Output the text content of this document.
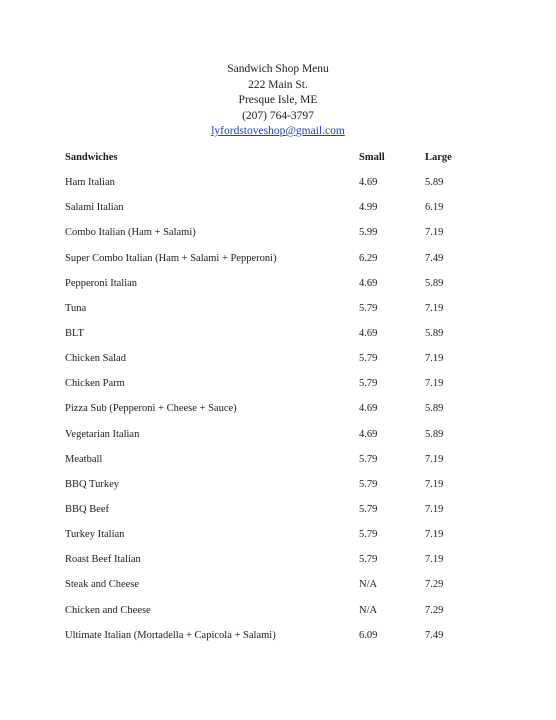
Sandwich Shop Menu
222 Main St.
Presque Isle, ME
(207) 764-3797
lyfordstoveshop@gmail.com
Sandwiches	Small	Large
Ham Italian	4.69	5.89
Salami Italian	4.99	6.19
Combo Italian (Ham + Salami)	5.99	7.19
Super Combo Italian (Ham + Salami + Pepperoni)	6.29	7.49
Pepperoni Italian	4.69	5.89
Tuna	5.79	7.19
BLT	4.69	5.89
Chicken Salad	5.79	7.19
Chicken Parm	5.79	7.19
Pizza Sub (Pepperoni + Cheese + Sauce)	4.69	5.89
Vegetarian Italian	4.69	5.89
Meatball	5.79	7.19
BBQ Turkey	5.79	7.19
BBQ Beef	5.79	7.19
Turkey Italian	5.79	7.19
Roast Beef Italian	5.79	7.19
Steak and Cheese	N/A	7.29
Chicken and Cheese	N/A	7.29
Ultimate Italian (Mortadella + Capicola + Salami)	6.09	7.49
